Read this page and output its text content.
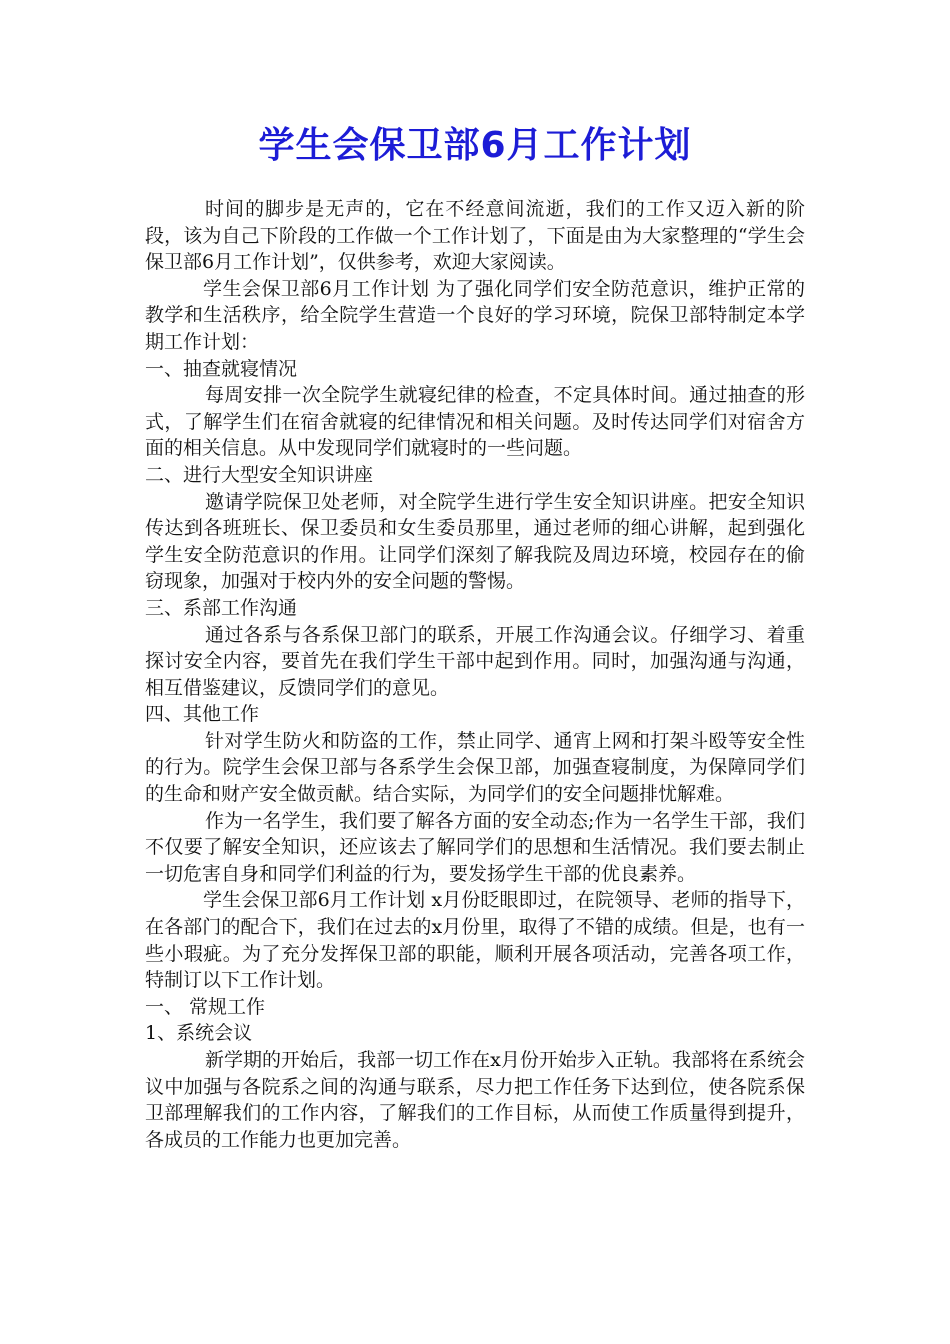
学生会保卫部6月工作计划

时间的脚步是无声的，它在不经意间流逝，我们的工作又迈入新的阶段，该为自己下阶段的工作做一个工作计划了，下面是由为大家整理的“学生会保卫部6月工作计划”，仅供参考，欢迎大家阅读。

学生会保卫部6月工作计划 为了强化同学们安全防范意识，维护正常的教学和生活秩序，给全院学生营造一个良好的学习环境，院保卫部特制定本学期工作计划：

一、抽查就寝情况

每周安排一次全院学生就寝纪律的检查，不定具体时间。通过抽查的形式，了解学生们在宿舍就寝的纪律情况和相关问题。及时传达同学们对宿舍方面的相关信息。从中发现同学们就寝时的一些问题。

二、进行大型安全知识讲座

邀请学院保卫处老师，对全院学生进行学生安全知识讲座。把安全知识传达到各班班长、保卫委员和女生委员那里，通过老师的细心讲解，起到强化学生安全防范意识的作用。让同学们深刻了解我院及周边环境，校园存在的偷窃现象，加强对于校内外的安全问题的警惕。

三、系部工作沟通

通过各系与各系保卫部门的联系，开展工作沟通会议。仔细学习、着重探讨安全内容，要首先在我们学生干部中起到作用。同时，加强沟通与沟通，相互借鉴建议，反馈同学们的意见。

四、其他工作

针对学生防火和防盗的工作，禁止同学、通宵上网和打架斗殴等安全性的行为。院学生会保卫部与各系学生会保卫部，加强查寝制度，为保障同学们的生命和财产安全做贡献。结合实际，为同学们的安全问题排忧解难。

作为一名学生，我们要了解各方面的安全动态;作为一名学生干部，我们不仅要了解安全知识，还应该去了解同学们的思想和生活情况。我们要去制止一切危害自身和同学们利益的行为，要发扬学生干部的优良素养。

学生会保卫部6月工作计划 x月份眨眼即过，在院领导、老师的指导下，在各部门的配合下，我们在过去的x月份里，取得了不错的成绩。但是，也有一些小瑕疵。为了充分发挥保卫部的职能，顺利开展各项活动，完善各项工作，特制订以下工作计划。

一、 常规工作

1、系统会议

新学期的开始后，我部一切工作在x月份开始步入正轨。我部将在系统会议中加强与各院系之间的沟通与联系，尽力把工作任务下达到位，使各院系保卫部理解我们的工作内容，了解我们的工作目标，从而使工作质量得到提升，各成员的工作能力也更加完善。
